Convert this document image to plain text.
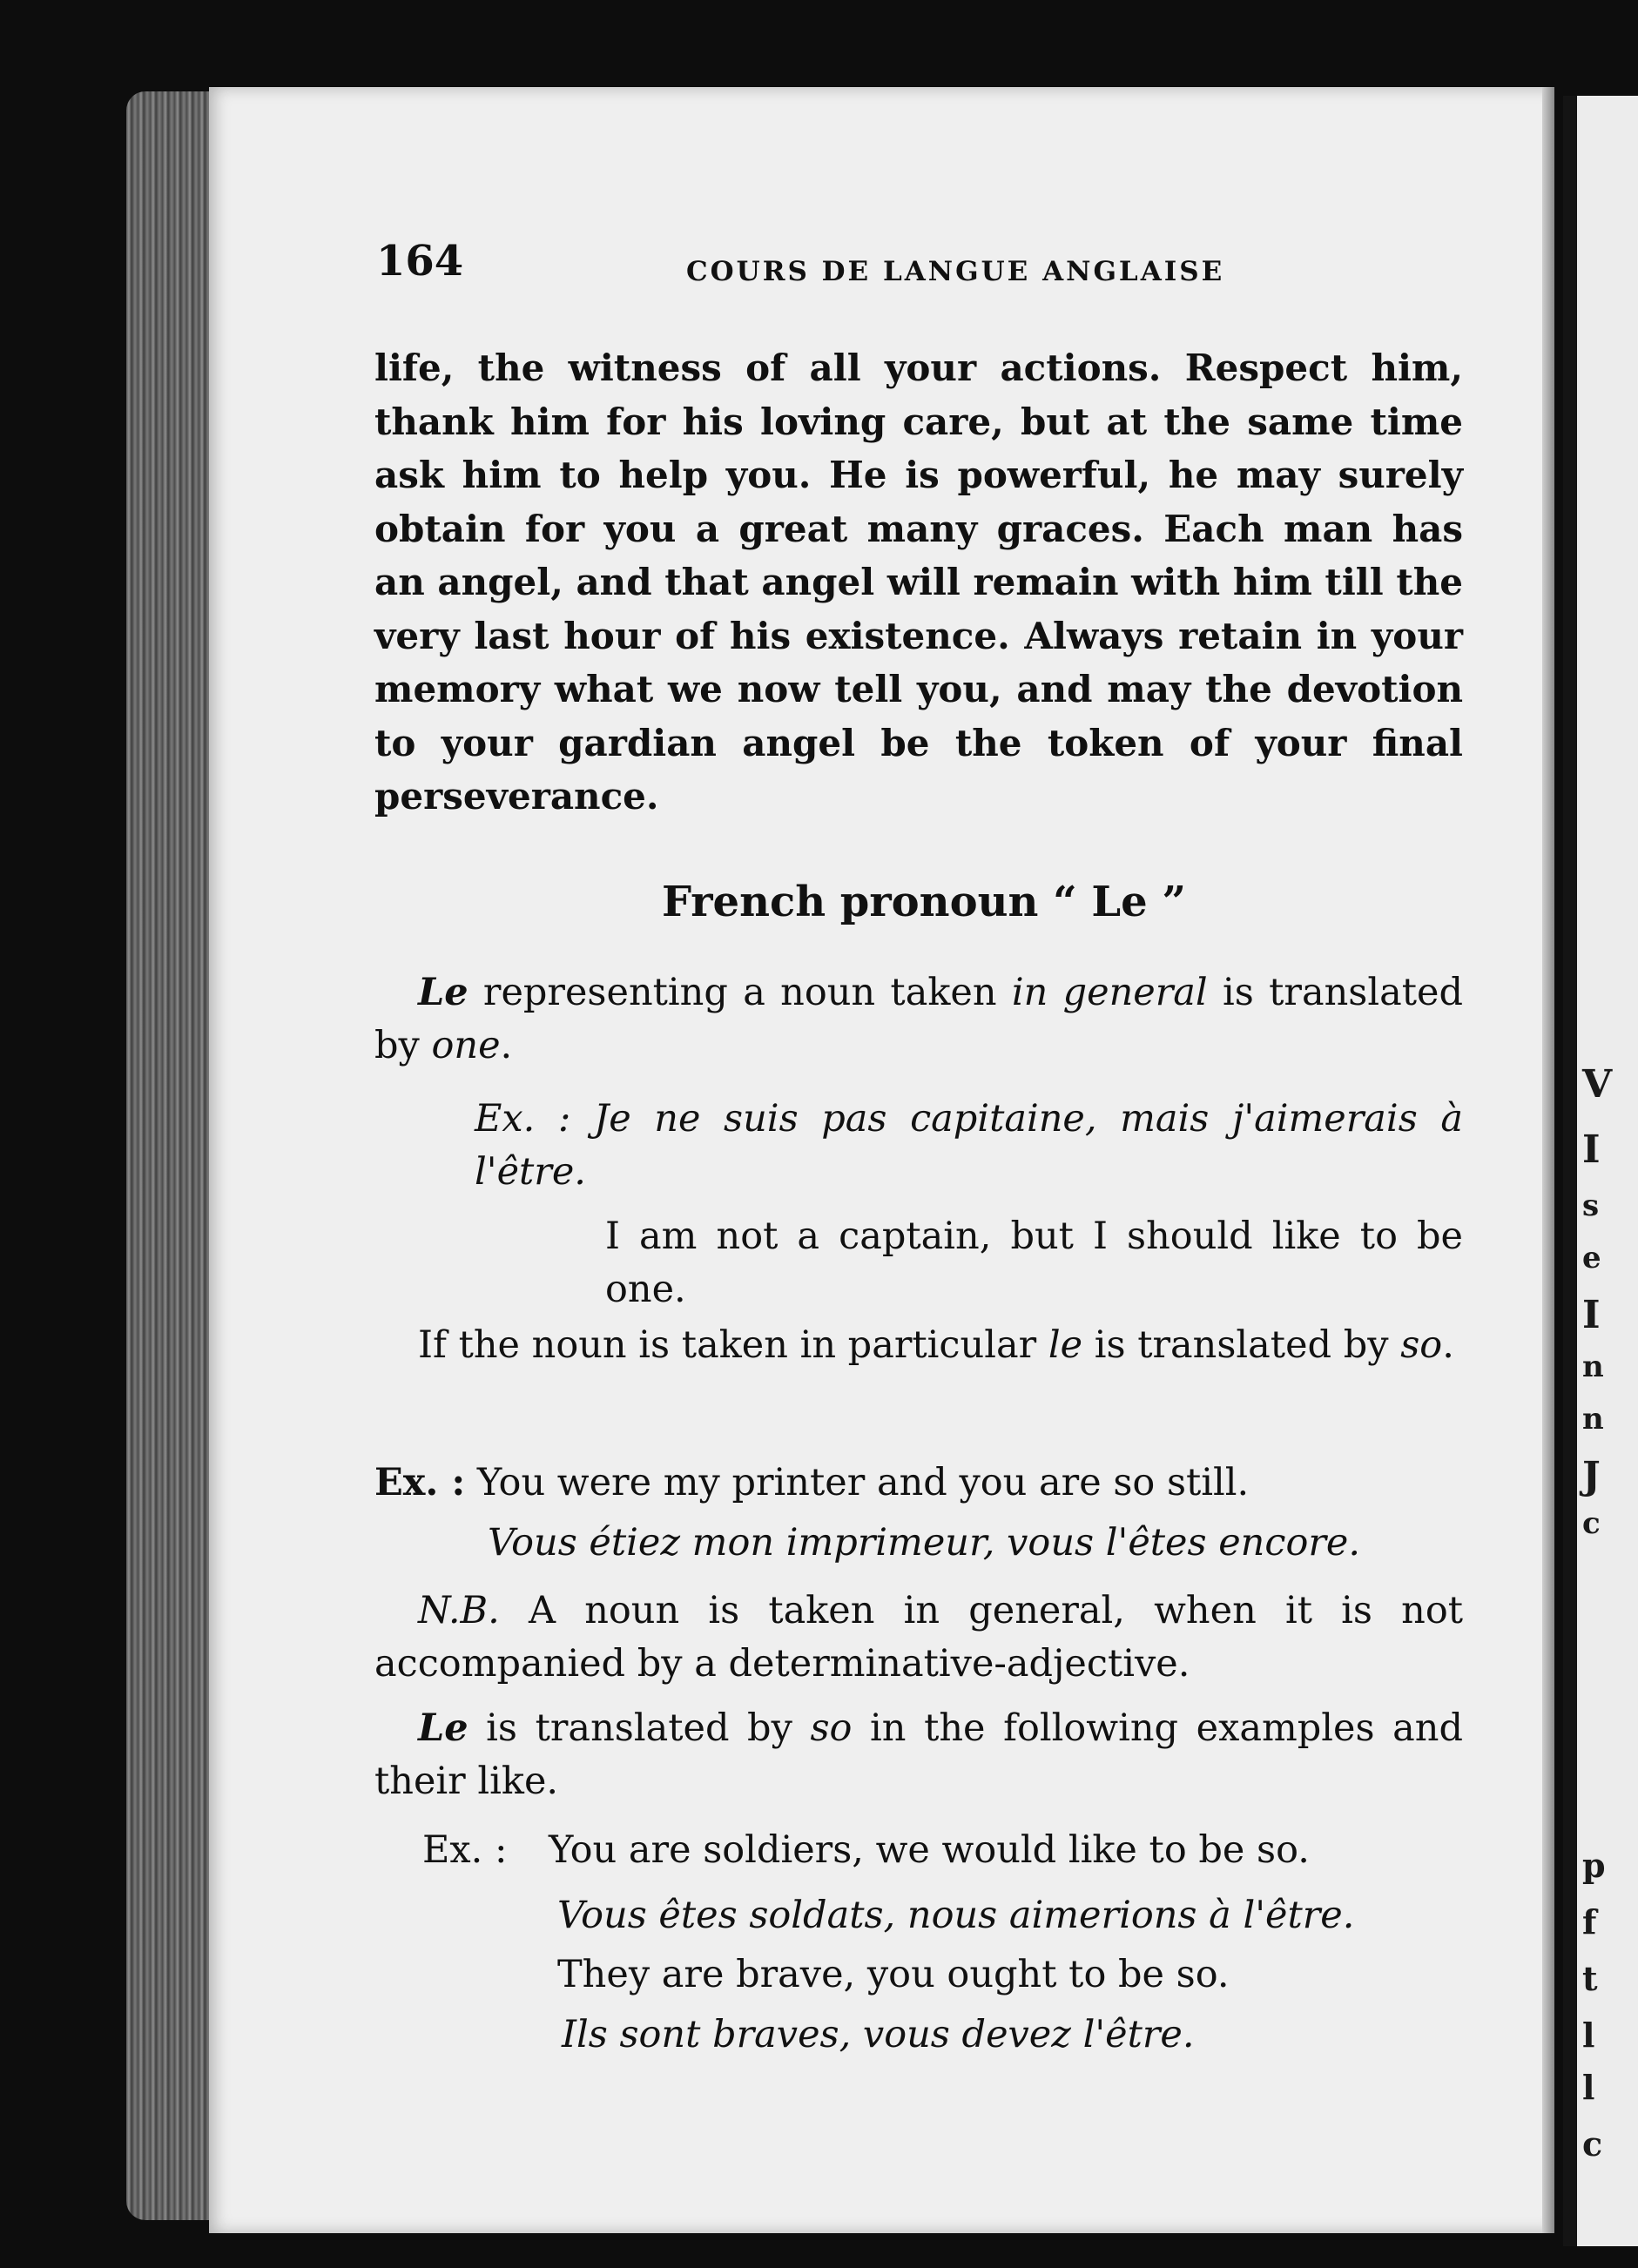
V
I
s
e
I
n
n
J
c
p
f
t
l
l
c
164	COURS DE LANGUE ANGLAISE
life, the witness of all your actions. Respect him, thank him for his loving care, but at the same time ask him to help you. He is powerful, he may surely obtain for you a great many graces. Each man has an angel, and that angel will remain with him till the very last hour of his existence. Always retain in your memory what we now tell you, and may the devotion to your gardian angel be the token of your final perseverance.
French pronoun “ Le ”
Le representing a noun taken in general is translated by one.
Ex. : Je ne suis pas capitaine, mais j'aimerais à l'être.
I am not a captain, but I should like to be one.
If the noun is taken in particular le is translated by so.
Ex. : You were my printer and you are so still.
Vous étiez mon imprimeur, vous l'êtes encore.
N.B. A noun is taken in general, when it is not accompanied by a determinative-adjective.
Le is translated by so in the following examples and their like.
Ex. : You are soldiers, we would like to be so.
Vous êtes soldats, nous aimerions à l'être.
They are brave, you ought to be so.
Ils sont braves, vous devez l'être.
